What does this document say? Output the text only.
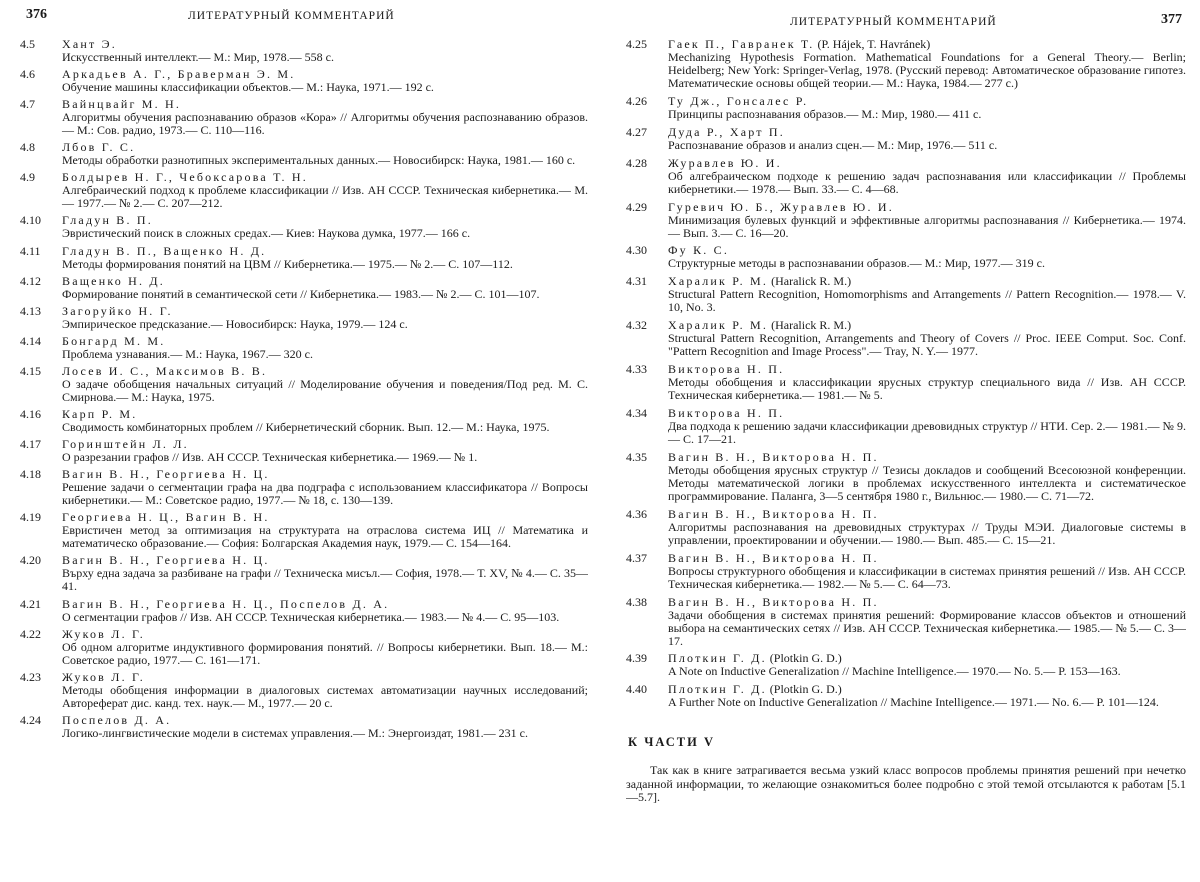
376	ЛИТЕРАТУРНЫЙ КОММЕНТАРИЙ
4.5	Хант Э.
Искусственный интеллект.— М.: Мир, 1978.— 558 с.
4.6	Аркадьев А. Г., Браверман Э. М.
Обучение машины классификации объектов.— М.: Наука, 1971.— 192 с.
4.7	Вайнцвайг М. Н.
Алгоритмы обучения распознаванию образов «Кора» // Алгоритмы обучения распознаванию образов.— М.: Сов. радио, 1973.— С. 110—116.
4.8	Лбов Г. С.
Методы обработки разнотипных экспериментальных данных.— Новосибирск: Наука, 1981.— 160 с.
4.9	Болдырев Н. Г., Чебоксарова Т. Н.
Алгебраический подход к проблеме классификации // Изв. АН СССР. Техническая кибернетика.— М.— 1977.— № 2.— С. 207—212.
4.10	Гладун В. П.
Эвристический поиск в сложных средах.— Киев: Наукова думка, 1977.— 166 с.
4.11	Гладун В. П., Ващенко Н. Д.
Методы формирования понятий на ЦВМ // Кибернетика.— 1975.— № 2.— С. 107—112.
4.12	Ващенко Н. Д.
Формирование понятий в семантической сети // Кибернетика.— 1983.— № 2.— С. 101—107.
4.13	Загоруйко Н. Г.
Эмпирическое предсказание.— Новосибирск: Наука, 1979.— 124 с.
4.14	Бонгард М. М.
Проблема узнавания.— М.: Наука, 1967.— 320 с.
4.15	Лосев И. С., Максимов В. В.
О задаче обобщения начальных ситуаций // Моделирование обучения и поведения/Под ред. М. С. Смирнова.— М.: Наука, 1975.
4.16	Карп Р. М.
Сводимость комбинаторных проблем // Кибернетический сборник. Вып. 12.— М.: Наука, 1975.
4.17	Горинштейн Л. Л.
О разрезании графов // Изв. АН СССР. Техническая кибернетика.— 1969.— № 1.
4.18	Вагин В. Н., Георгиева Н. Ц.
Решение задачи о сегментации графа на два подграфа с использованием классификатора // Вопросы кибернетики.— М.: Советское радио, 1977.— № 18, с. 130—139.
4.19	Георгиева Н. Ц., Вагин В. Н.
Евристичен метод за оптимизация на структурата на отраслова система ИЦ // Математика и математическо образование.— София: Болгарская Академия наук, 1979.— С. 154—164.
4.20	Вагин В. Н., Георгиева Н. Ц.
Върху една задача за разбиване на графи // Техническа мисъл.— София, 1978.— Т. XV, № 4.— С. 35—41.
4.21	Вагин В. Н., Георгиева Н. Ц., Поспелов Д. А.
О сегментации графов // Изв. АН СССР. Техническая кибернетика.— 1983.— № 4.— С. 95—103.
4.22	Жуков Л. Г.
Об одном алгоритме индуктивного формирования понятий. // Вопросы кибернетики. Вып. 18.— М.: Советское радио, 1977.— С. 161—171.
4.23	Жуков Л. Г.
Методы обобщения информации в диалоговых системах автоматизации научных исследований; Автореферат дис. канд. тех. наук.— М., 1977.— 20 с.
4.24	Поспелов Д. А.
Логико-лингвистические модели в системах управления.— М.: Энергоиздат, 1981.— 231 с.
ЛИТЕРАТУРНЫЙ КОММЕНТАРИЙ	377
4.25	Гаек П., Гавранек Т. (P. Hájek, T. Havránek)
Mechanizing Hypothesis Formation. Mathematical Foundations for a General Theory.— Berlin; Heidelberg; New York: Springer-Verlag, 1978. (Русский перевод: Автоматическое образование гипотез. Математические основы общей теории.— М.: Наука, 1984.— 277 с.)
4.26	Ту Дж., Гонсалес Р.
Принципы распознавания образов.— М.: Мир, 1980.— 411 с.
4.27	Дуда Р., Харт П.
Распознавание образов и анализ сцен.— М.: Мир, 1976.— 511 с.
4.28	Журавлев Ю. И.
Об алгебраическом подходе к решению задач распознавания или классификации // Проблемы кибернетики.— 1978.— Вып. 33.— С. 4—68.
4.29	Гуревич Ю. Б., Журавлев Ю. И.
Минимизация булевых функций и эффективные алгоритмы распознавания // Кибернетика.— 1974.— Вып. 3.— С. 16—20.
4.30	Фу К. С.
Структурные методы в распознавании образов.— М.: Мир, 1977.— 319 с.
4.31	Харалик Р. М. (Haralick R. M.)
Structural Pattern Recognition, Homomorphisms and Arrangements // Pattern Recognition.— 1978.— V. 10, No. 3.
4.32	Харалик Р. М. (Haralick R. M.)
Structural Pattern Recognition, Arrangements and Theory of Covers // Proc. IEEE Comput. Soc. Conf. "Pattern Recognition and Image Process".— Tray, N. Y.— 1977.
4.33	Викторова Н. П.
Методы обобщения и классификации ярусных структур специального вида // Изв. АН СССР. Техническая кибернетика.— 1981.— № 5.
4.34	Викторова Н. П.
Два подхода к решению задачи классификации древовидных структур // НТИ. Сер. 2.— 1981.— № 9.— С. 17—21.
4.35	Вагин В. Н., Викторова Н. П.
Методы обобщения ярусных структур // Тезисы докладов и сообщений Всесоюзной конференции. Методы математической логики в проблемах искусственного интеллекта и систематическое программирование. Паланга, 3—5 сентября 1980 г., Вильнюс.— 1980.— С. 71—72.
4.36	Вагин В. Н., Викторова Н. П.
Алгоритмы распознавания на древовидных структурах // Труды МЭИ. Диалоговые системы в управлении, проектировании и обучении.— 1980.— Вып. 485.— С. 15—21.
4.37	Вагин В. Н., Викторова Н. П.
Вопросы структурного обобщения и классификации в системах принятия решений // Изв. АН СССР. Техническая кибернетика.— 1982.— № 5.— С. 64—73.
4.38	Вагин В. Н., Викторова Н. П.
Задачи обобщения в системах принятия решений: Формирование классов объектов и отношений выбора на семантических сетях // Изв. АН СССР. Техническая кибернетика.— 1985.— № 5.— С. 3—17.
4.39	Плоткин Г. Д. (Plotkin G. D.)
A Note on Inductive Generalization // Machine Intelligence.— 1970.— No. 5.— P. 153—163.
4.40	Плоткин Г. Д. (Plotkin G. D.)
A Further Note on Inductive Generalization // Machine Intelligence.— 1971.— No. 6.— P. 101—124.
К ЧАСТИ V

Так как в книге затрагивается весьма узкий класс вопросов проблемы принятия решений при нечетко заданной информации, то желающие ознакомиться более подробно с этой темой отсылаются к работам [5.1—5.7].
